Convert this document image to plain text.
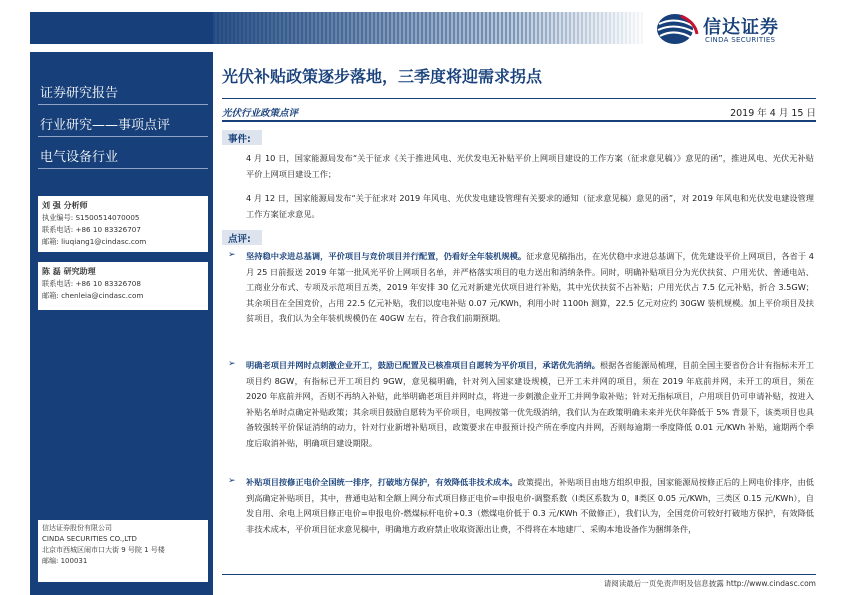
信达证券
CINDA SECURITIES
证券研究报告
行业研究——事项点评
电气设备行业
刘 强 分析师
执业编号: S1500514070005
联系电话: +86 10 83326707
邮箱: liuqiang1@cindasc.com
陈 磊 研究助理
联系电话: +86 10 83326708
邮箱: chenleia@cindasc.com
信达证券股份有限公司
CINDA SECURITIES CO.,LTD
北京市西城区闹市口大街 9 号院 1 号楼
邮编: 100031
光伏补贴政策逐步落地，三季度将迎需求拐点
光伏行业政策点评	2019 年 4 月 15 日
事件:
4 月 10 日，国家能源局发布“关于征求《关于推进风电、光伏发电无补贴平价上网项目建设的工作方案（征求意见稿）》意见的函”，推进风电、光伏无补贴平价上网项目建设工作；
4 月 12 日，国家能源局发布“关于征求对 2019 年风电、光伏发电建设管理有关要求的通知（征求意见稿）意见的函”，对 2019 年风电和光伏发电建设管理工作方案征求意见。
点评:
➢ 坚持稳中求进总基调，平价项目与竞价项目并行配置，仍看好全年装机规模。征求意见稿指出，在光伏稳中求进总基调下，优先建设平价上网项目，各省于 4 月 25 日前报送 2019 年第一批风光平价上网项目名单，并严格落实项目的电力送出和消纳条件。同时，明确补贴项目分为光伏扶贫、户用光伏、普通电站、工商业分布式、专项及示范项目五类，2019 年安排 30 亿元对新建光伏项目进行补贴，其中光伏扶贫不占补贴；户用光伏占 7.5 亿元补贴，折合 3.5GW；其余项目在全国竞价，占用 22.5 亿元补贴，我们以度电补贴 0.07 元/KWh，利用小时 1100h 测算，22.5 亿元对应约 30GW 装机规模。加上平价项目及扶贫项目，我们认为全年装机规模仍在 40GW 左右，符合我们前期预期。
➢ 明确老项目并网时点刺激企业开工，鼓励已配置及已核准项目自愿转为平价项目，承诺优先消纳。根据各省能源局梳理，目前全国主要省份合计有指标未开工项目约 8GW，有指标已开工项目约 9GW，意见稿明确，针对列入国家建设规模，已开工未并网的项目，须在 2019 年底前并网，未开工的项目，须在 2020 年底前并网，否则不再纳入补贴，此举明确老项目并网时点，将进一步刺激企业开工并网争取补贴；针对无指标项目，户用项目仍可申请补贴，按进入补贴名单时点确定补贴政策；其余项目鼓励自愿转为平价项目，电网按第一优先级消纳，我们认为在政策明确未来并光伏年降低于 5% 背景下，该类项目也具备较强转平价保证消纳的动力，针对行业新增补贴项目，政策要求在申报预计投产所在季度内并网，否则每逾期一季度降低 0.01 元/KWh 补贴，逾期两个季度后取消补贴，明确项目建设期限。
➢ 补贴项目按修正电价全国统一排序，打破地方保护，有效降低非技术成本。政策提出，补贴项目由地方组织申报，国家能源局按修正后的上网电价排序，由低到高确定补贴项目，其中，普通电站和全额上网分布式项目修正电价=申报电价-调整系数（Ⅰ类区系数为 0，Ⅱ类区 0.05 元/KWh，三类区 0.15 元/KWh），自发自用、余电上网项目修正电价=申报电价-燃煤标杆电价+0.3（燃煤电价低于 0.3 元/KWh 不做修正），我们认为，全国竞价可较好打破地方保护，有效降低非技术成本，平价项目征求意见稿中，明确地方政府禁止收取资源出让费，不得将在本地建厂、采购本地设备作为捆绑条件，
请阅读最后一页免责声明及信息披露 http://www.cindasc.com
